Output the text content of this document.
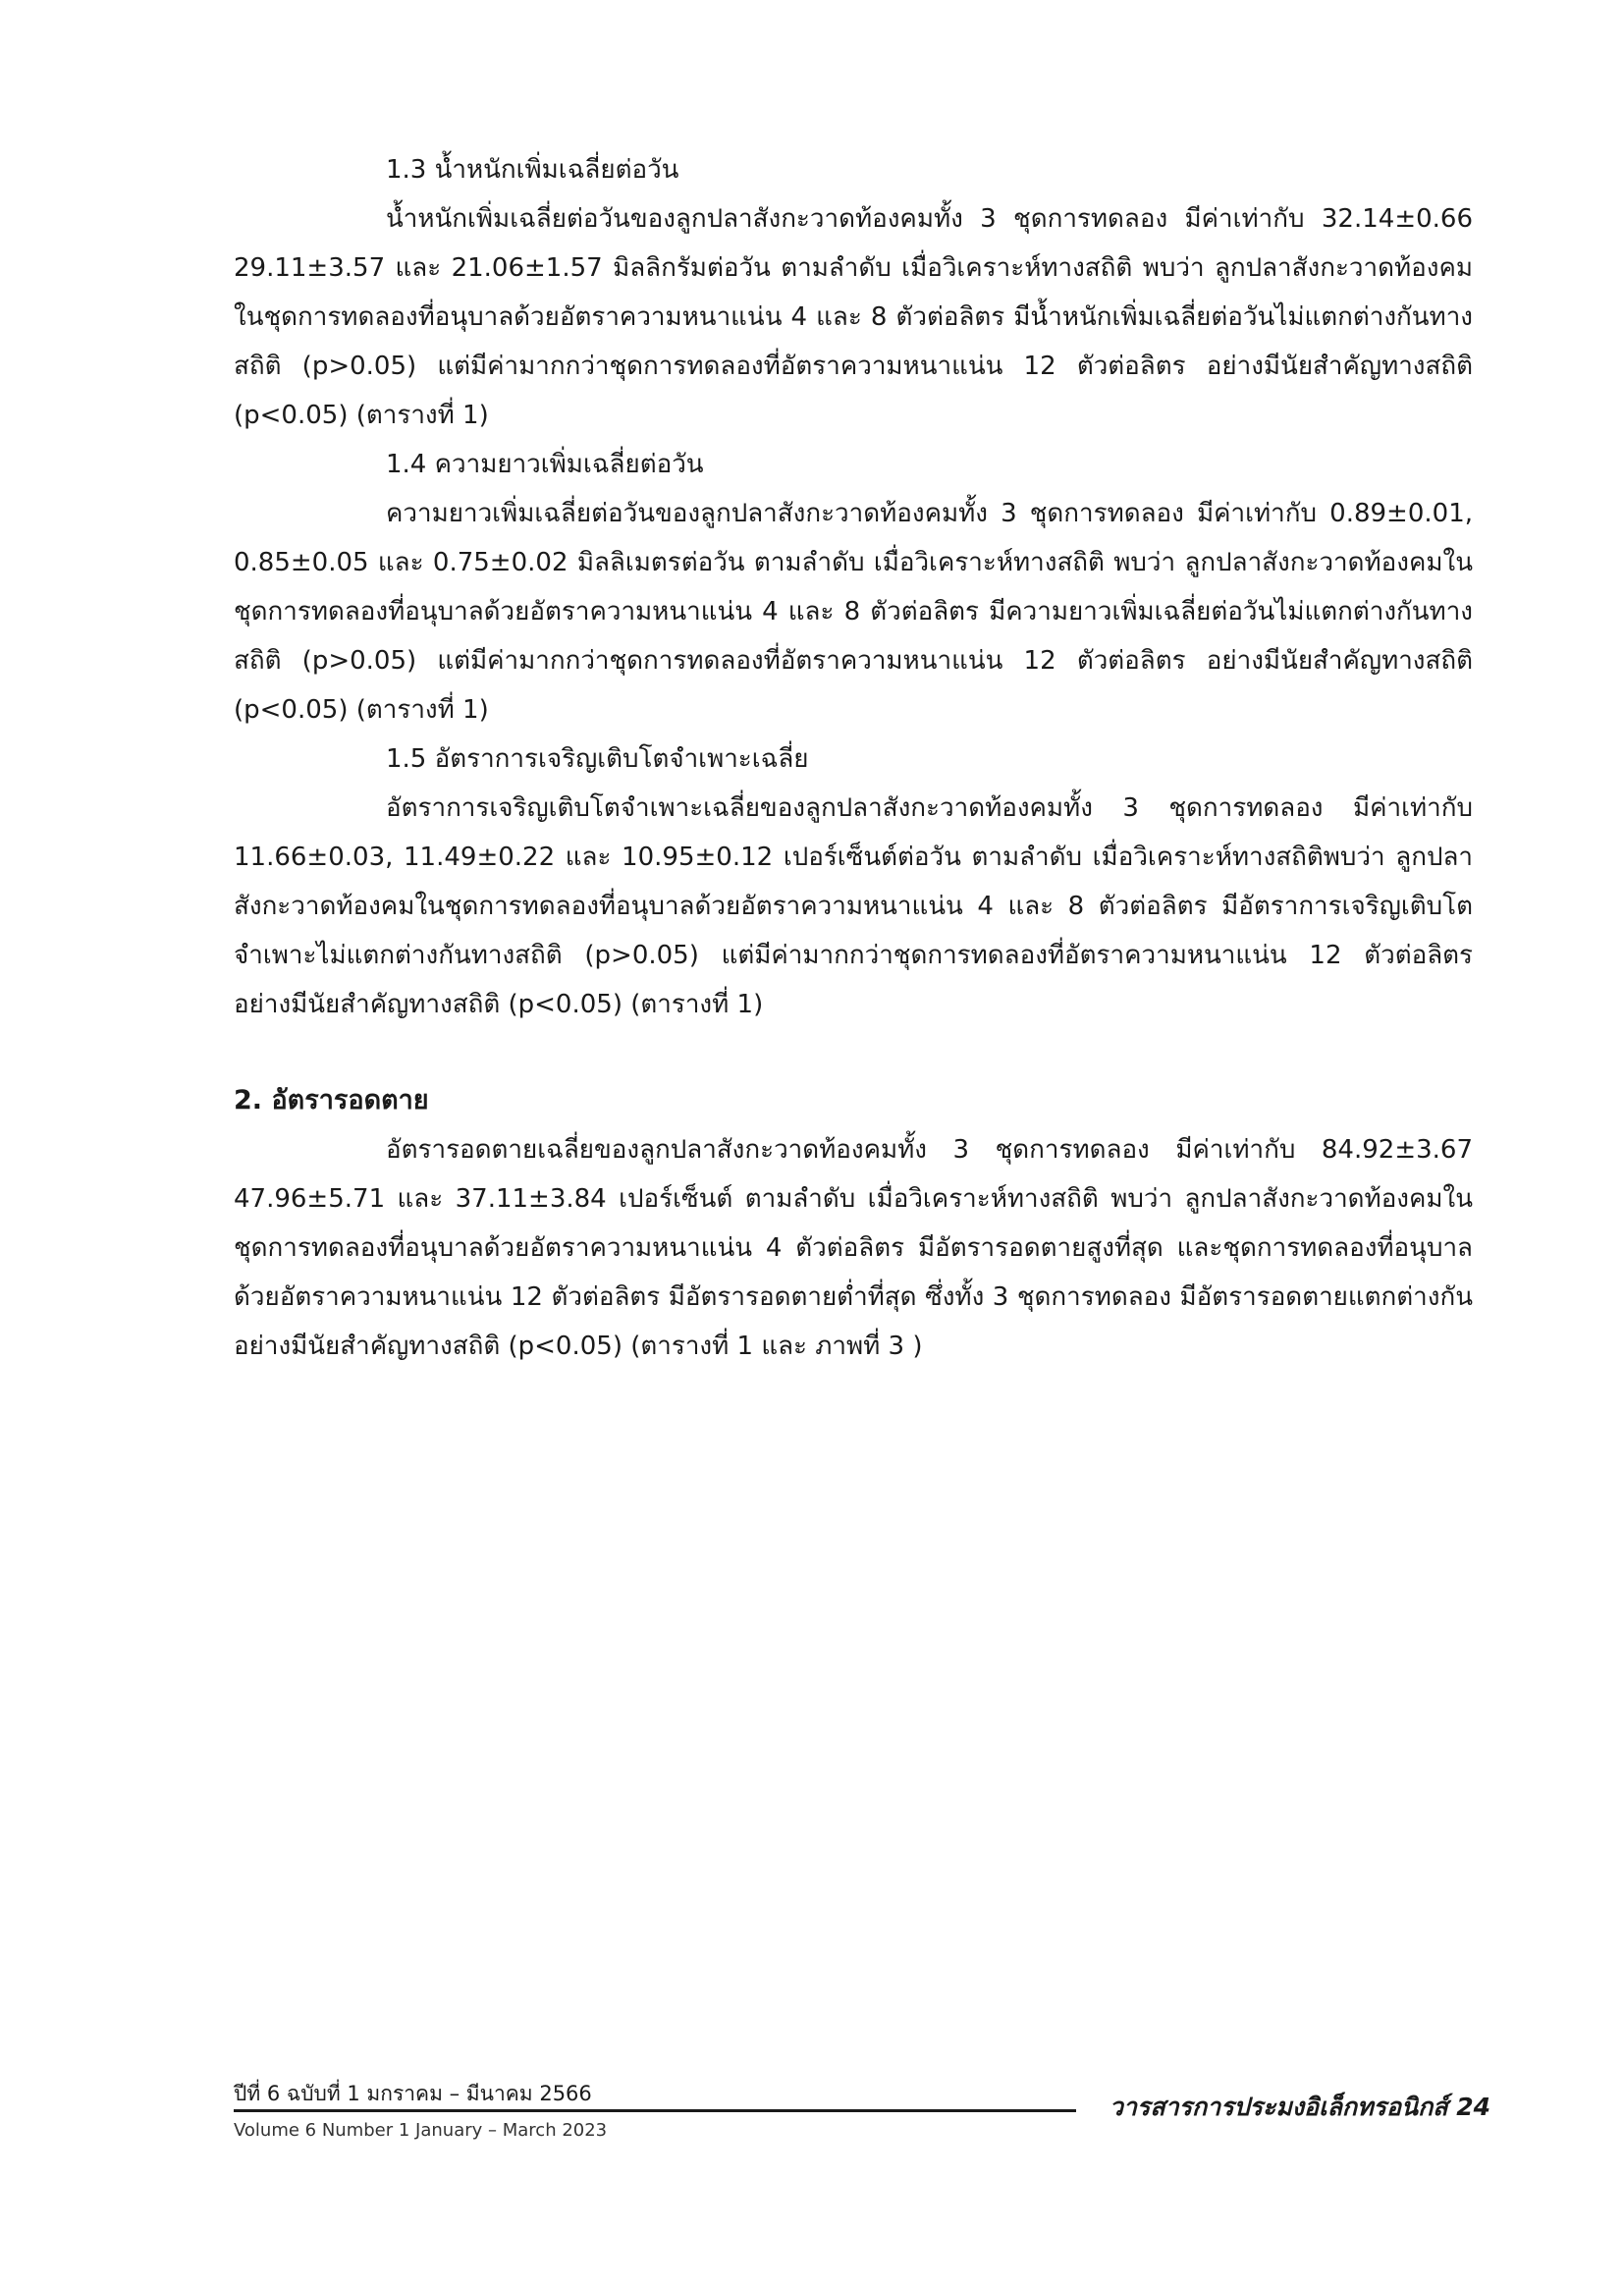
1.3 น้ำหนักเพิ่มเฉลี่ยต่อวัน

น้ำหนักเพิ่มเฉลี่ยต่อวันของลูกปลาสังกะวาดท้องคมทั้ง 3 ชุดการทดลอง มีค่าเท่ากับ 32.14±0.66 29.11±3.57 และ 21.06±1.57 มิลลิกรัมต่อวัน ตามลำดับ เมื่อวิเคราะห์ทางสถิติ พบว่า ลูกปลาสังกะวาดท้องคม ในชุดการทดลองที่อนุบาลด้วยอัตราความหนาแน่น 4 และ 8 ตัวต่อลิตร มีน้ำหนักเพิ่มเฉลี่ยต่อวันไม่แตกต่างกันทางสถิติ (p>0.05) แต่มีค่ามากกว่าชุดการทดลองที่อัตราความหนาแน่น 12 ตัวต่อลิตร อย่างมีนัยสำคัญทางสถิติ (p<0.05) (ตารางที่ 1)

1.4 ความยาวเพิ่มเฉลี่ยต่อวัน

ความยาวเพิ่มเฉลี่ยต่อวันของลูกปลาสังกะวาดท้องคมทั้ง 3 ชุดการทดลอง มีค่าเท่ากับ 0.89±0.01, 0.85±0.05 และ 0.75±0.02 มิลลิเมตรต่อวัน ตามลำดับ เมื่อวิเคราะห์ทางสถิติ พบว่า ลูกปลาสังกะวาดท้องคมในชุดการทดลองที่อนุบาลด้วยอัตราความหนาแน่น 4 และ 8 ตัวต่อลิตร มีความยาวเพิ่มเฉลี่ยต่อวันไม่แตกต่างกันทางสถิติ (p>0.05) แต่มีค่ามากกว่าชุดการทดลองที่อัตราความหนาแน่น 12 ตัวต่อลิตร อย่างมีนัยสำคัญทางสถิติ (p<0.05) (ตารางที่ 1)

1.5 อัตราการเจริญเติบโตจำเพาะเฉลี่ย

อัตราการเจริญเติบโตจำเพาะเฉลี่ยของลูกปลาสังกะวาดท้องคมทั้ง 3 ชุดการทดลอง มีค่าเท่ากับ 11.66±0.03, 11.49±0.22 และ 10.95±0.12 เปอร์เซ็นต์ต่อวัน ตามลำดับ เมื่อวิเคราะห์ทางสถิติพบว่า ลูกปลาสังกะวาดท้องคมในชุดการทดลองที่อนุบาลด้วยอัตราความหนาแน่น 4 และ 8 ตัวต่อลิตร มีอัตราการเจริญเติบโตจำเพาะไม่แตกต่างกันทางสถิติ (p>0.05) แต่มีค่ามากกว่าชุดการทดลองที่อัตราความหนาแน่น 12 ตัวต่อลิตร อย่างมีนัยสำคัญทางสถิติ (p<0.05) (ตารางที่ 1)

2. อัตรารอดตาย

อัตรารอดตายเฉลี่ยของลูกปลาสังกะวาดท้องคมทั้ง 3 ชุดการทดลอง มีค่าเท่ากับ 84.92±3.67 47.96±5.71 และ 37.11±3.84 เปอร์เซ็นต์ ตามลำดับ เมื่อวิเคราะห์ทางสถิติ พบว่า ลูกปลาสังกะวาดท้องคมในชุดการทดลองที่อนุบาลด้วยอัตราความหนาแน่น 4 ตัวต่อลิตร มีอัตรารอดตายสูงที่สุด และชุดการทดลองที่อนุบาลด้วยอัตราความหนาแน่น 12 ตัวต่อลิตร มีอัตรารอดตายต่ำที่สุด ซึ่งทั้ง 3 ชุดการทดลอง มีอัตรารอดตายแตกต่างกันอย่างมีนัยสำคัญทางสถิติ (p<0.05) (ตารางที่ 1 และ ภาพที่ 3 )

ปีที่ 6 ฉบับที่ 1 มกราคม – มีนาคม 2566
Volume 6 Number 1 January – March 2023
วารสารการประมงอิเล็กทรอนิกส์ 24
